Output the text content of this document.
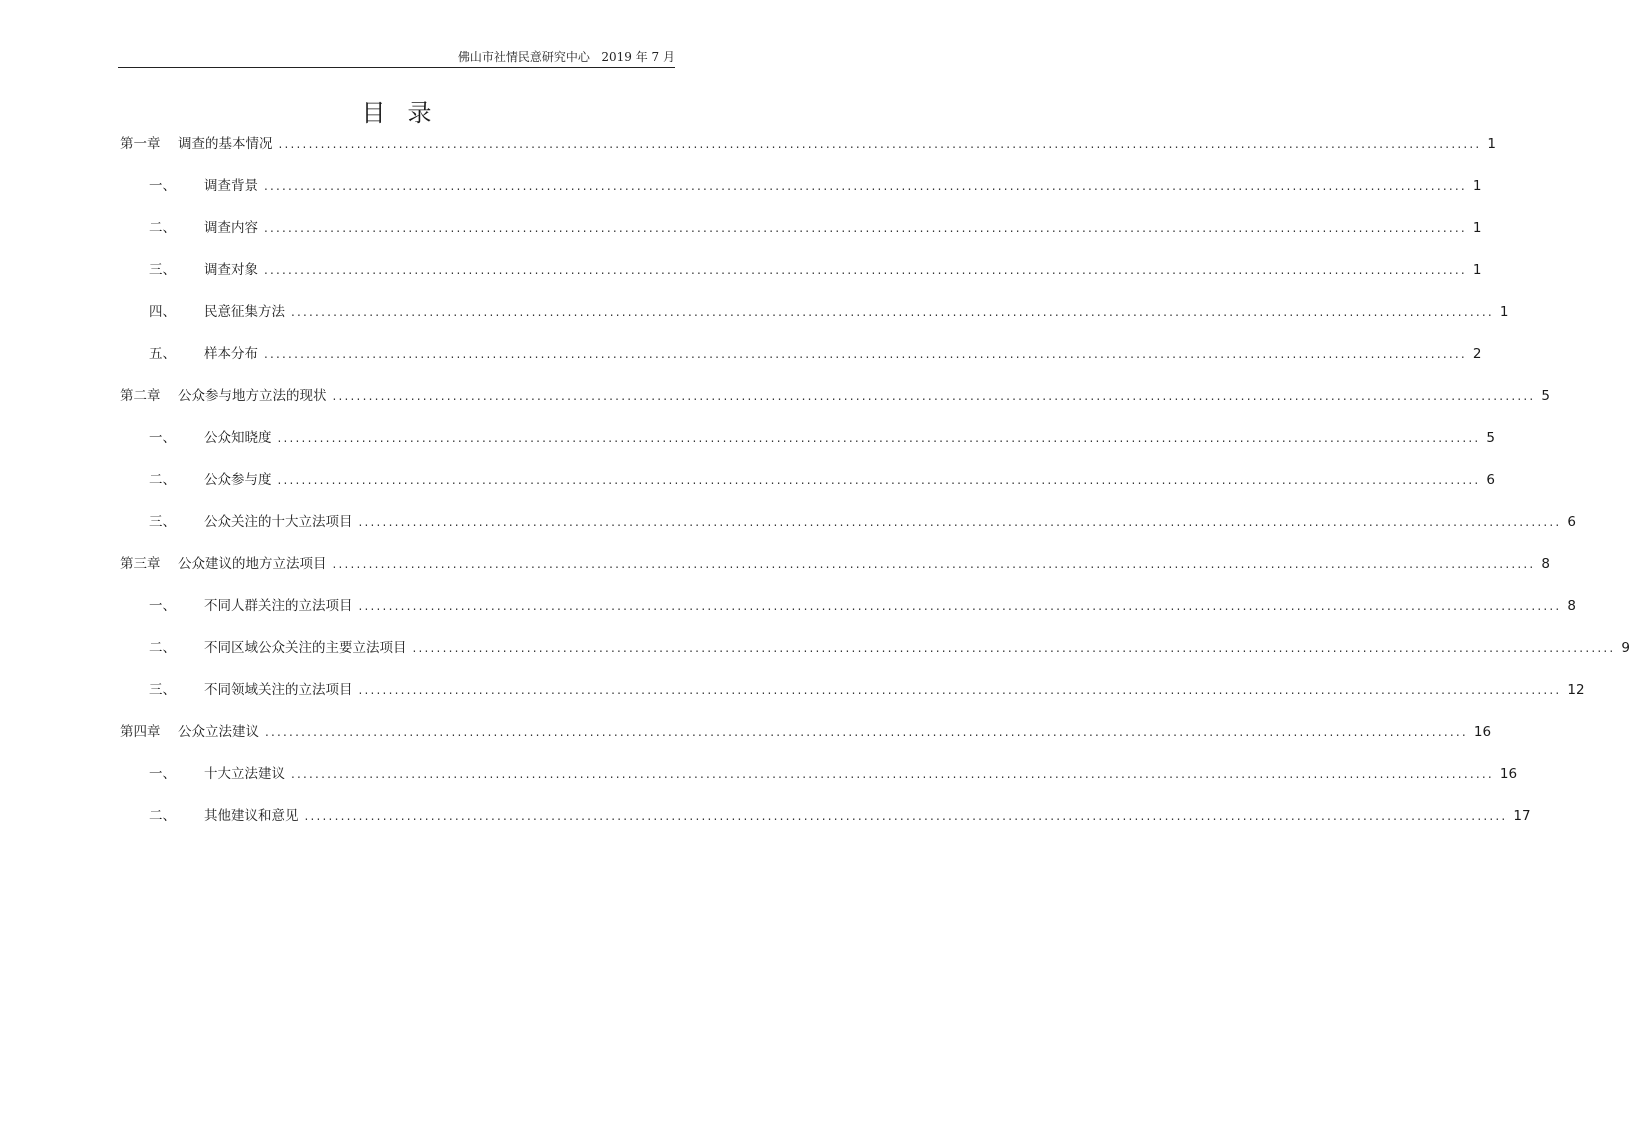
佛山市社情民意研究中心 2019 年 7 月
目录
第一章	调查的基本情况 ........................................................................................................................................................................................................ 1
一、	调查背景 ........................................................................................................................................................................................................ 1
二、	调查内容 ........................................................................................................................................................................................................ 1
三、	调查对象 ........................................................................................................................................................................................................ 1
四、	民意征集方法 ........................................................................................................................................................................................................ 1
五、	样本分布 ........................................................................................................................................................................................................ 2
第二章	公众参与地方立法的现状 ........................................................................................................................................................................................................ 5
一、	公众知晓度 ........................................................................................................................................................................................................ 5
二、	公众参与度 ........................................................................................................................................................................................................ 6
三、	公众关注的十大立法项目 ........................................................................................................................................................................................................ 6
第三章	公众建议的地方立法项目 ........................................................................................................................................................................................................ 8
一、	不同人群关注的立法项目 ........................................................................................................................................................................................................ 8
二、	不同区域公众关注的主要立法项目 ........................................................................................................................................................................................................ 9
三、	不同领域关注的立法项目 ........................................................................................................................................................................................................ 12
第四章	公众立法建议 ........................................................................................................................................................................................................ 16
一、	十大立法建议 ........................................................................................................................................................................................................ 16
二、	其他建议和意见 ........................................................................................................................................................................................................ 17
